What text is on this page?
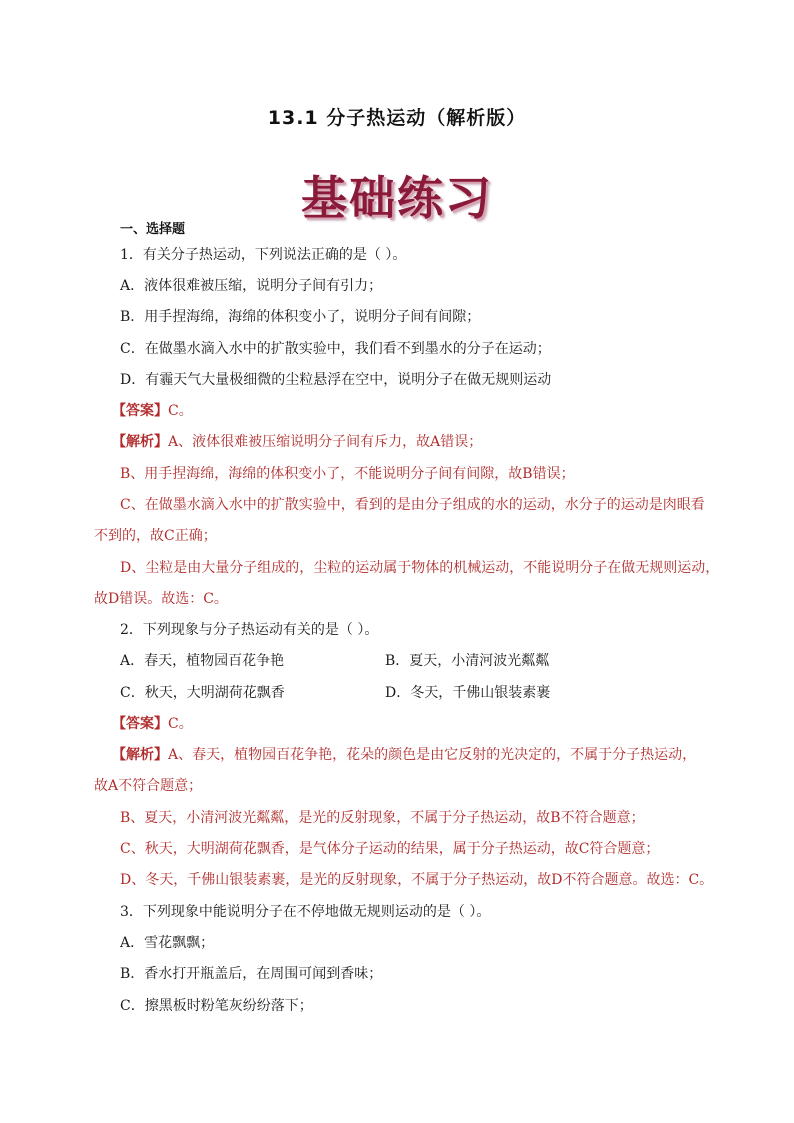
13.1 分子热运动（解析版）
基础练习
一、选择题
1．有关分子热运动，下列说法正确的是（ ）。
A．液体很难被压缩，说明分子间有引力；
B．用手捏海绵，海绵的体积变小了，说明分子间有间隙；
C．在做墨水滴入水中的扩散实验中，我们看不到墨水的分子在运动；
D．有霾天气大量极细微的尘粒悬浮在空中，说明分子在做无规则运动
【答案】C。
【解析】A、液体很难被压缩说明分子间有斥力，故A错误；
B、用手捏海绵，海绵的体积变小了，不能说明分子间有间隙，故B错误；
C、在做墨水滴入水中的扩散实验中，看到的是由分子组成的水的运动，水分子的运动是肉眼看
不到的，故C正确；
D、尘粒是由大量分子组成的，尘粒的运动属于物体的机械运动，不能说明分子在做无规则运动，
故D错误。故选：C。
2．下列现象与分子热运动有关的是（ ）。
A．春天，植物园百花争艳	B．夏天，小清河波光粼粼
C．秋天，大明湖荷花飘香	D．冬天，千佛山银装素裹
【答案】C。
【解析】A、春天，植物园百花争艳，花朵的颜色是由它反射的光决定的，不属于分子热运动，
故A不符合题意；
B、夏天，小清河波光粼粼，是光的反射现象，不属于分子热运动，故B不符合题意；
C、秋天，大明湖荷花飘香，是气体分子运动的结果，属于分子热运动，故C符合题意；
D、冬天，千佛山银装素裹，是光的反射现象，不属于分子热运动，故D不符合题意。故选：C。
3．下列现象中能说明分子在不停地做无规则运动的是（ ）。
A．雪花飘飘；
B．香水打开瓶盖后，在周围可闻到香味；
C．擦黑板时粉笔灰纷纷落下；
